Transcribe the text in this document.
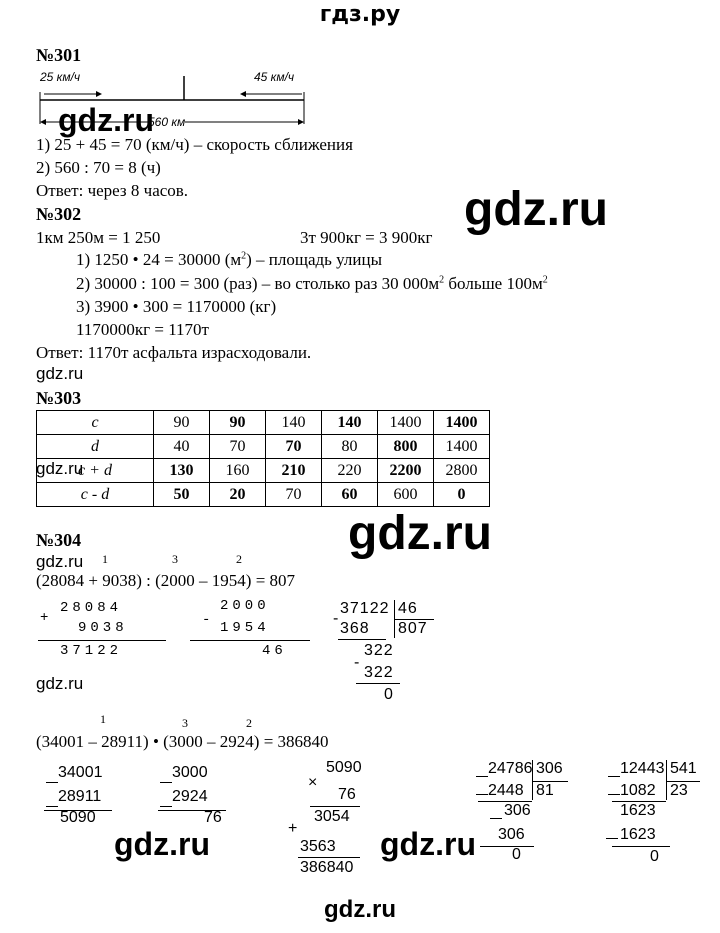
гдз.ру
№301
25 км/ч	45 км/ч
560 км
gdz.ru
1) 25 + 45 = 70 (км/ч) – скорость сближения
2) 560 : 70 = 8 (ч)
Ответ: через 8 часов.	gdz.ru
№302
1км 250м = 1 250	3т 900кг = 3 900кг
1) 1250 • 24 = 30000 $(м^2)$ – площадь улицы
2) 30000 : 100 = 300 (раз) – во столько раз 30 $000м^2$ больше $100м^2$
3) 3900 • 300 = 1170000 (кг)
1170000кг = 1170т
Ответ: 1170т асфальта израсходовали.
gdz.ru
№303
c	90	90	140	140	1400	1400
d	40	70	70	80	800	1400
c + d	130	160	210	220	2200	2800
c - d	50	20	70	60	600	0
gdz.ru
gdz.ru
№304
1	3	2
gdz.ru
(28084 + 9038) : (2000 – 1954) = 807
+
28084
9038
37122
-
2000
1954
46
37122 46
807
-
368
322
-
322
0
gdz.ru
1	3	2
(34001 – 28911) • (3000 – 2924) = 386840
34001
28911
5090
3000
2924
76
5090
×
76
3054
+
3563
386840
24786 306
81
2448
306
306
0
12443 541
23
1082
1623
1623
0
gdz.ru	gdz.ru
gdz.ru
